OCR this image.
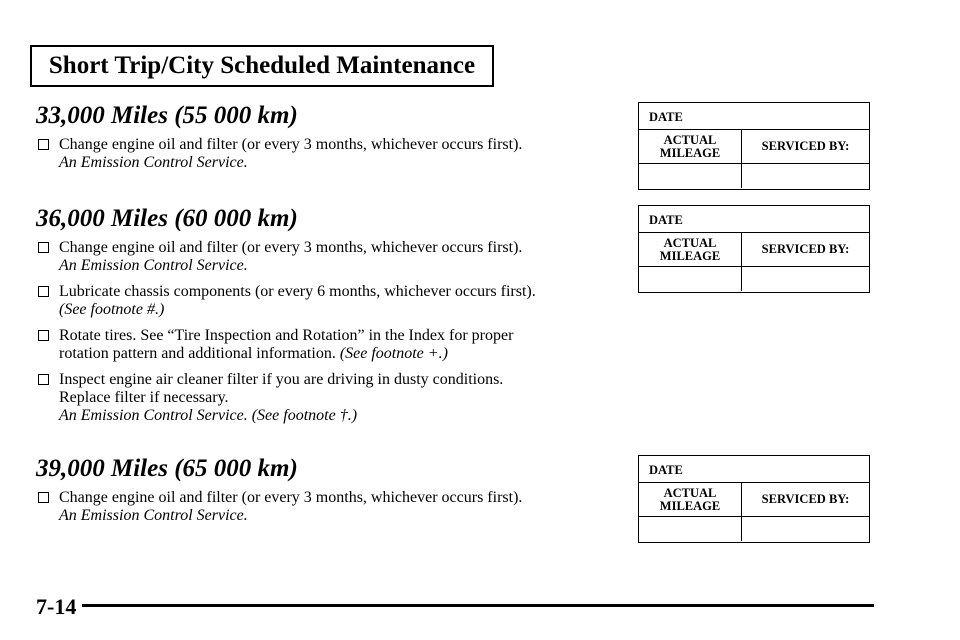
Short Trip/City Scheduled Maintenance
33,000 Miles (55 000 km)
Change engine oil and filter (or every 3 months, whichever occurs first).
An Emission Control Service.
36,000 Miles (60 000 km)
Change engine oil and filter (or every 3 months, whichever occurs first).
An Emission Control Service.
Lubricate chassis components (or every 6 months, whichever occurs first).
(See footnote #.)
Rotate tires. See “Tire Inspection and Rotation” in the Index for proper
rotation pattern and additional information. (See footnote +.)
Inspect engine air cleaner filter if you are driving in dusty conditions.
Replace filter if necessary.
An Emission Control Service. (See footnote †.)
39,000 Miles (65 000 km)
Change engine oil and filter (or every 3 months, whichever occurs first).
An Emission Control Service.
DATE
ACTUAL
MILEAGE	SERVICED BY:
DATE
ACTUAL
MILEAGE	SERVICED BY:
DATE
ACTUAL
MILEAGE	SERVICED BY:
7-14
